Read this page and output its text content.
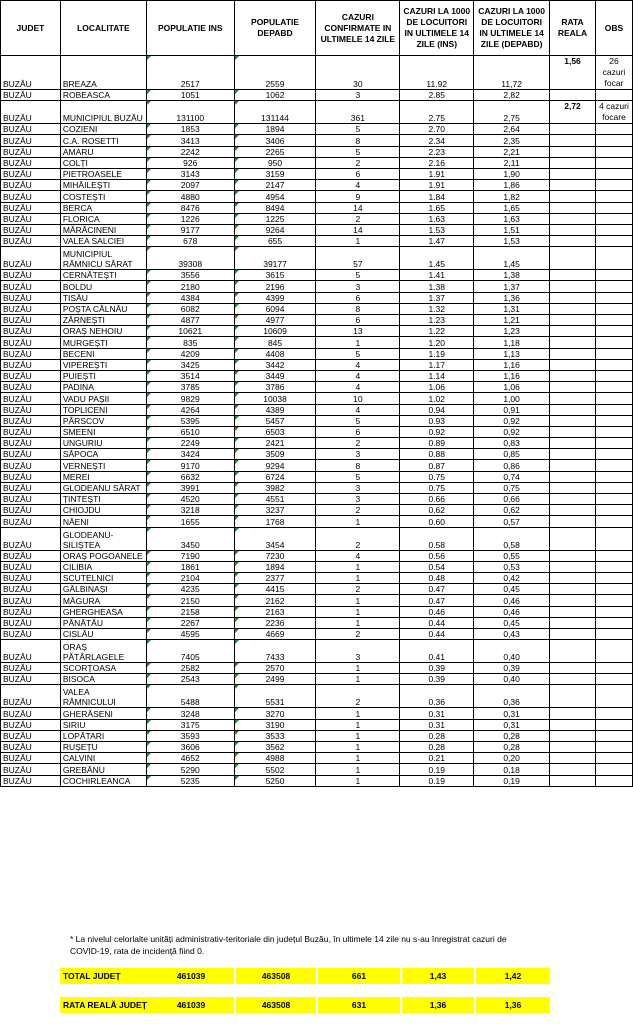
JUDET	LOCALITATE	POPULATIE INS	POPULATIE DEPABD	CAZURI CONFIRMATE IN ULTIMELE 14 ZILE	CAZURI LA 1000 DE LOCUITORI IN ULTIMELE 14 ZILE (INS)	CAZURI LA 1000 DE LOCUITORI IN ULTIMELE 14 ZILE (DEPABD)	RATA REALA	OBS
BUZĂU	BREAZA	2517	2559	30	11.92	11,72	1,56	26 cazuri focar
BUZĂU	ROBEASCA	1051	1062	3	2.85	2,82		
BUZĂU	MUNICIPIUL BUZĂU	131100	131144	361	2.75	2,75	2,72	4 cazuri focare
BUZĂU	COZIENI	1853	1894	5	2.70	2,64		
BUZĂU	C.A. ROSETTI	3413	3406	8	2.34	2,35		
BUZĂU	AMARU	2242	2265	5	2.23	2,21		
BUZĂU	COLȚI	926	950	2	2.16	2,11		
BUZĂU	PIETROASELE	3143	3159	6	1.91	1,90		
BUZĂU	MIHĂILEȘTI	2097	2147	4	1.91	1,86		
BUZĂU	COSTEȘTI	4880	4954	9	1.84	1,82		
BUZĂU	BERCA	8476	8494	14	1.65	1,65		
BUZĂU	FLORICA	1226	1225	2	1.63	1,63		
BUZĂU	MĂRĂCINENI	9177	9264	14	1.53	1,51		
BUZĂU	VALEA SALCIEI	678	655	1	1.47	1,53		
BUZĂU	MUNICIPIUL RÂMNICU SĂRAT	39308	39177	57	1.45	1,45		
BUZĂU	CERNĂTEȘTI	3556	3615	5	1.41	1,38		
BUZĂU	BOLDU	2180	2196	3	1.38	1,37		
BUZĂU	TISĂU	4384	4399	6	1.37	1,36		
BUZĂU	POȘTA CÂLNĂU	6082	6094	8	1.32	1,31		
BUZĂU	ZĂRNEȘTI	4877	4977	6	1.23	1,21		
BUZĂU	ORAȘ NEHOIU	10621	10609	13	1.22	1,23		
BUZĂU	MURGEȘTI	835	845	1	1.20	1,18		
BUZĂU	BECENI	4209	4408	5	1.19	1,13		
BUZĂU	VIPEREȘTI	3425	3442	4	1.17	1,16		
BUZĂU	PUIEȘTI	3514	3449	4	1.14	1,16		
BUZĂU	PADINA	3785	3786	4	1.06	1,06		
BUZĂU	VADU PAȘII	9829	10038	10	1.02	1,00		
BUZĂU	TOPLICENI	4264	4389	4	0.94	0,91		
BUZĂU	PÂRSCOV	5395	5457	5	0.93	0,92		
BUZĂU	SMEENI	6510	6503	6	0.92	0,92		
BUZĂU	UNGURIU	2249	2421	2	0.89	0,83		
BUZĂU	SĂPOCA	3424	3509	3	0.88	0,85		
BUZĂU	VERNEȘTI	9170	9294	8	0.87	0,86		
BUZĂU	MEREI	6632	6724	5	0.75	0,74		
BUZĂU	GLODEANU SĂRAT	3991	3982	3	0.75	0,75		
BUZĂU	ȚINTEȘTI	4520	4551	3	0.66	0,66		
BUZĂU	CHIOJDU	3218	3237	2	0.62	0,62		
BUZĂU	NĂENI	1655	1768	1	0.60	0,57		
BUZĂU	GLODEANU-SILIȘTEA	3450	3454	2	0.58	0,58		
BUZĂU	ORAȘ POGOANELE	7190	7230	4	0.56	0,55		
BUZĂU	CILIBIA	1861	1894	1	0.54	0,53		
BUZĂU	SCUTELNICI	2104	2377	1	0.48	0,42		
BUZĂU	GĂLBINAȘI	4235	4415	2	0.47	0,45		
BUZĂU	MĂGURA	2150	2162	1	0.47	0,46		
BUZĂU	GHERGHEASA	2158	2163	1	0.46	0,46		
BUZĂU	PĂNĂTĂU	2267	2236	1	0.44	0,45		
BUZĂU	CISLĂU	4595	4669	2	0.44	0,43		
BUZĂU	ORAȘ PĂTÂRLAGELE	7405	7433	3	0.41	0,40		
BUZĂU	SCORȚOASA	2582	2570	1	0.39	0,39		
BUZĂU	BISOCA	2543	2499	1	0.39	0,40		
BUZĂU	VALEA RÂMNICULUI	5488	5531	2	0.36	0,36		
BUZĂU	GHERĂSENI	3248	3270	1	0.31	0,31		
BUZĂU	SIRIU	3175	3190	1	0.31	0,31		
BUZĂU	LOPĂTARI	3593	3533	1	0.28	0,28		
BUZĂU	RUȘEȚU	3606	3562	1	0.28	0,28		
BUZĂU	CALVINI	4652	4988	1	0.21	0,20		
BUZĂU	GREBĂNU	5290	5502	1	0.19	0,18		
BUZĂU	COCHIRLEANCA	5235	5250	1	0.19	0,19		
* La nivelul celorlalte unități administrativ-teritoriale din județul Buzău, în ultimele 14 zile nu s-au înregistrat cazuri de COVID-19, rata de incidență fiind 0.
TOTAL JUDEȚ	461039	463508	661	1,43	1,42
RATA REALĂ JUDEȚ	461039	463508	631	1,36	1,36
